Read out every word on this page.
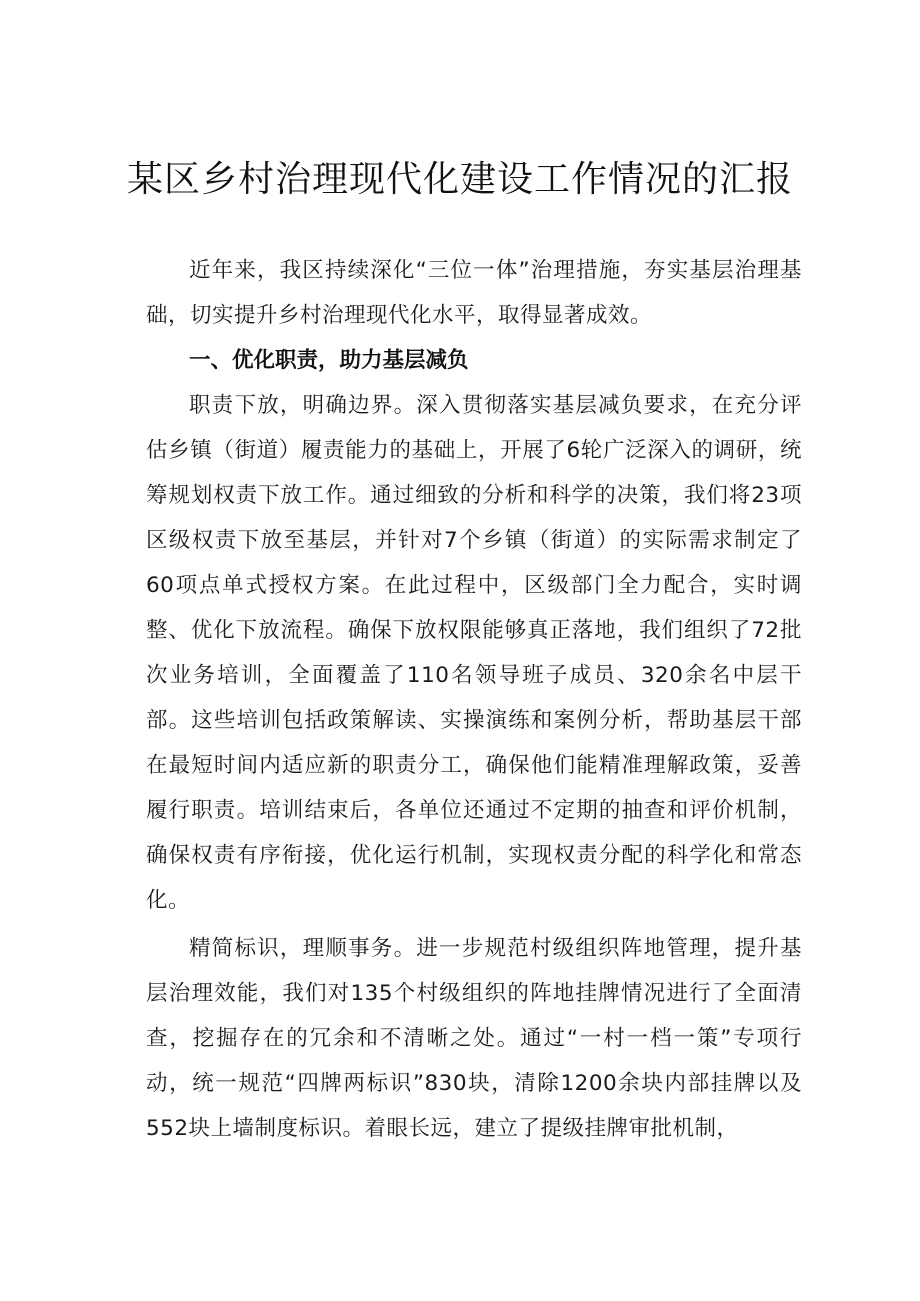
某区乡村治理现代化建设工作情况的汇报

近年来，我区持续深化“三位一体”治理措施，夯实基层治理基础，切实提升乡村治理现代化水平，取得显著成效。

一、优化职责，助力基层减负

职责下放，明确边界。深入贯彻落实基层减负要求，在充分评估乡镇（街道）履责能力的基础上，开展了6轮广泛深入的调研，统筹规划权责下放工作。通过细致的分析和科学的决策，我们将23项区级权责下放至基层，并针对7个乡镇（街道）的实际需求制定了60项点单式授权方案。在此过程中，区级部门全力配合，实时调整、优化下放流程。确保下放权限能够真正落地，我们组织了72批次业务培训，全面覆盖了110名领导班子成员、320余名中层干部。这些培训包括政策解读、实操演练和案例分析，帮助基层干部在最短时间内适应新的职责分工，确保他们能精准理解政策，妥善履行职责。培训结束后，各单位还通过不定期的抽查和评价机制，确保权责有序衔接，优化运行机制，实现权责分配的科学化和常态化。

精简标识，理顺事务。进一步规范村级组织阵地管理，提升基层治理效能，我们对135个村级组织的阵地挂牌情况进行了全面清查，挖掘存在的冗余和不清晰之处。通过“一村一档一策”专项行动，统一规范“四牌两标识”830块，清除1200余块内部挂牌以及552块上墙制度标识。着眼长远，建立了提级挂牌审批机制，
